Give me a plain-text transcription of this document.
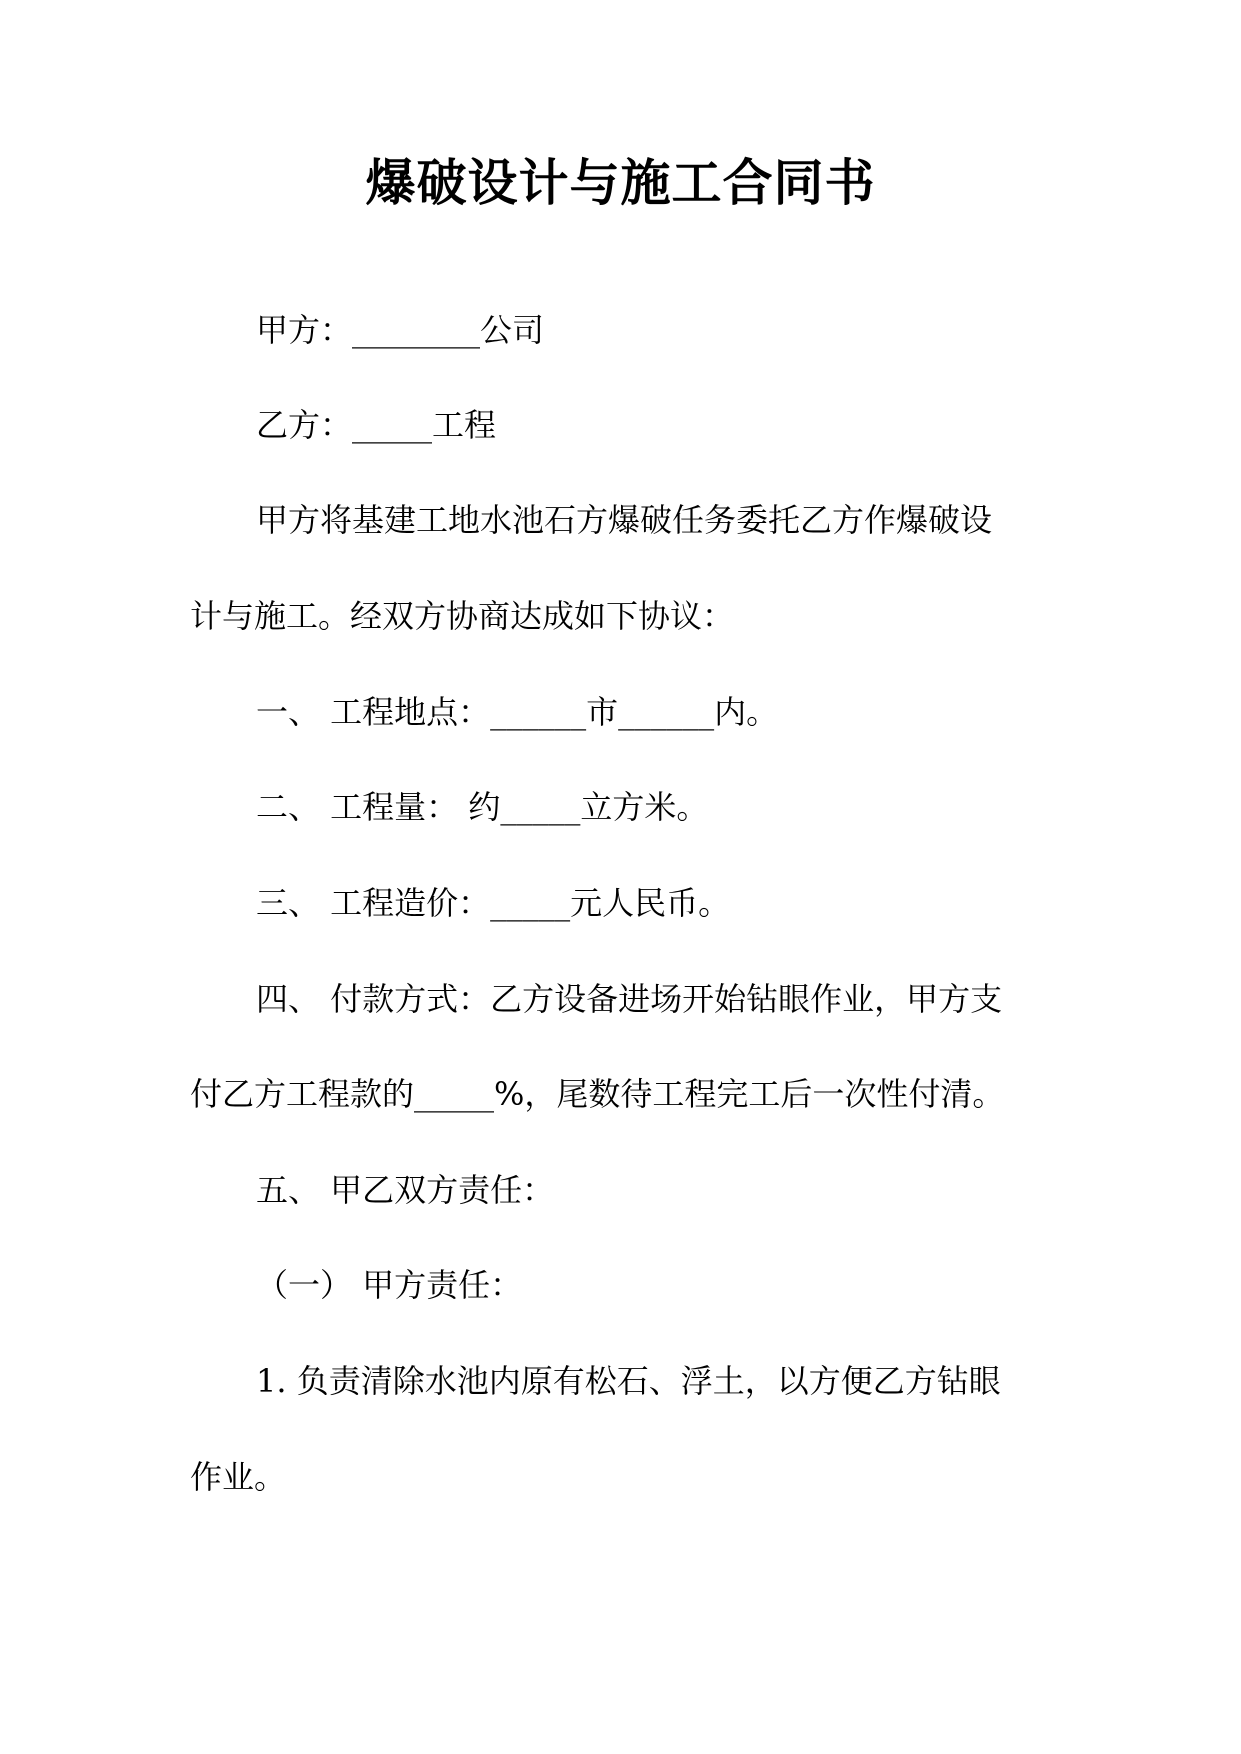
爆破设计与施工合同书
甲方：________公司
乙方：_____工程
甲方将基建工地水池石方爆破任务委托乙方作爆破设
计与施工。经双方协商达成如下协议：
一、 工程地点：______市______内。
二、 工程量： 约_____立方米。
三、 工程造价：_____元人民币。
四、 付款方式：乙方设备进场开始钻眼作业，甲方支
付乙方工程款的_____%，尾数待工程完工后一次性付清。
五、 甲乙双方责任：
（一） 甲方责任：
1. 负责清除水池内原有松石、浮土，以方便乙方钻眼
作业。
